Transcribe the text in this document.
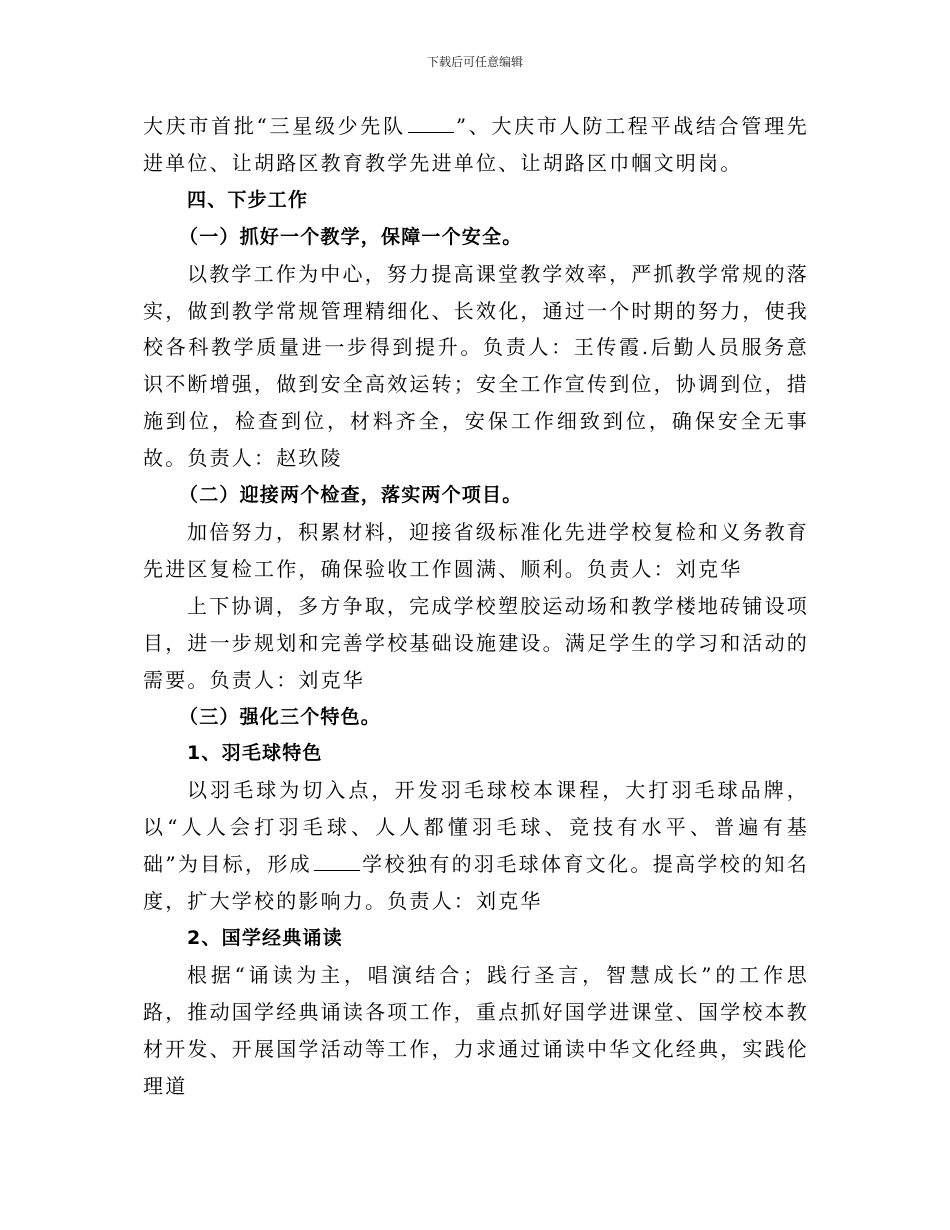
下载后可任意编辑

大庆市首批“三星级少先队	”、大庆市人防工程平战结合管理先进单位、让胡路区教育教学先进单位、让胡路区巾帼文明岗。

四、下步工作

（一）抓好一个教学，保障一个安全。

以教学工作为中心，努力提高课堂教学效率，严抓教学常规的落实，做到教学常规管理精细化、长效化，通过一个时期的努力，使我校各科教学质量进一步得到提升。负责人：王传霞.后勤人员服务意识不断增强，做到安全高效运转；安全工作宣传到位，协调到位，措施到位，检查到位，材料齐全，安保工作细致到位，确保安全无事故。负责人：赵玖陵

（二）迎接两个检查，落实两个项目。

加倍努力，积累材料，迎接省级标准化先进学校复检和义务教育先进区复检工作，确保验收工作圆满、顺利。负责人：刘克华

上下协调，多方争取，完成学校塑胶运动场和教学楼地砖铺设项目，进一步规划和完善学校基础设施建设。满足学生的学习和活动的需要。负责人：刘克华

（三）强化三个特色。

1、羽毛球特色

以羽毛球为切入点，开发羽毛球校本课程，大打羽毛球品牌，以“人人会打羽毛球、人人都懂羽毛球、竞技有水平、普遍有基础”为目标，形成	学校独有的羽毛球体育文化。提高学校的知名度，扩大学校的影响力。负责人：刘克华

2、国学经典诵读

根据“诵读为主，唱演结合；践行圣言，智慧成长”的工作思路，推动国学经典诵读各项工作，重点抓好国学进课堂、国学校本教材开发、开展国学活动等工作，力求通过诵读中华文化经典，实践伦理道
